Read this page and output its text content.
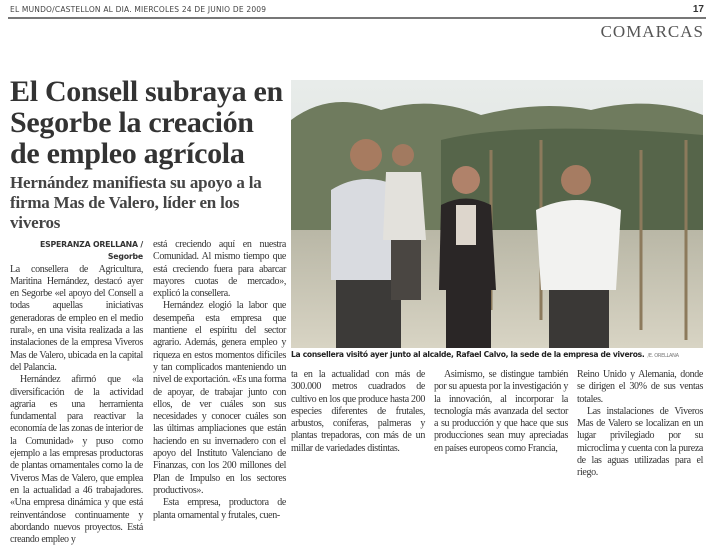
EL MUNDO/CASTELLON AL DIA. MIERCOLES 24 DE JUNIO DE 2009	17
COMARCAS
El Consell subraya en Segorbe la creación de empleo agrícola
Hernández manifiesta su apoyo a la firma Mas de Valero, líder en los viveros
ESPERANZA ORELLANA / Segorbe

La consellera de Agricultura, Maritina Hernández, destacó ayer en Segorbe «el apoyo del Consell a todas aquellas iniciativas generadoras de empleo en el medio rural», en una visita realizada a las instalaciones de la empresa Viveros Mas de Valero, ubicada en la capital del Palancia.

Hernández afirmó que «la diversificación de la actividad agraria es una herramienta fundamental para reactivar la economía de las zonas de interior de la Comunidad» y puso como ejemplo a las empresas productoras de plantas ornamentales como la de Viveros Mas de Valero, que emplea en la actualidad a 46 trabajadores. «Una empresa dinámica y que está reinventándose continuamente y abordando nuevos proyectos. Está creando empleo y

está creciendo aquí en nuestra Comunidad. Al mismo tiempo que está creciendo fuera para abarcar mayores cuotas de mercado», explicó la consellera.

Hernández elogió la labor que desempeña esta empresa que mantiene el espíritu del sector agrario. Además, genera empleo y riqueza en estos momentos difíciles y tan complicados manteniendo un nivel de exportación. «Es una forma de apoyar, de trabajar junto con ellos, de ver cuáles son sus necesidades y conocer cuáles son las últimas ampliaciones que están haciendo en su invernadero con el apoyo del Instituto Valenciano de Finanzas, con los 200 millones del Plan de Impulso en los sectores productivos».

Esta empresa, productora de planta ornamental y frutales, cuen-

La consellera visitó ayer junto al alcalde, Rafael Calvo, la sede de la empresa de viveros. /E. ORELLANA

ta en la actualidad con más de 300.000 metros cuadrados de cultivo en los que produce hasta 200 especies diferentes de frutales, arbustos, coníferas, palmeras y plantas trepadoras, con más de un millar de variedades distintas.

Asimismo, se distingue también por su apuesta por la investigación y la innovación, al incorporar la tecnología más avanzada del sector a su producción y que hace que sus producciones sean muy apreciadas en países europeos como Francia,

Reino Unido y Alemania, donde se dirigen el 30% de sus ventas totales.

Las instalaciones de Viveros Mas de Valero se localizan en un lugar privilegiado por su microclima y cuenta con la pureza de las aguas utilizadas para el riego.
